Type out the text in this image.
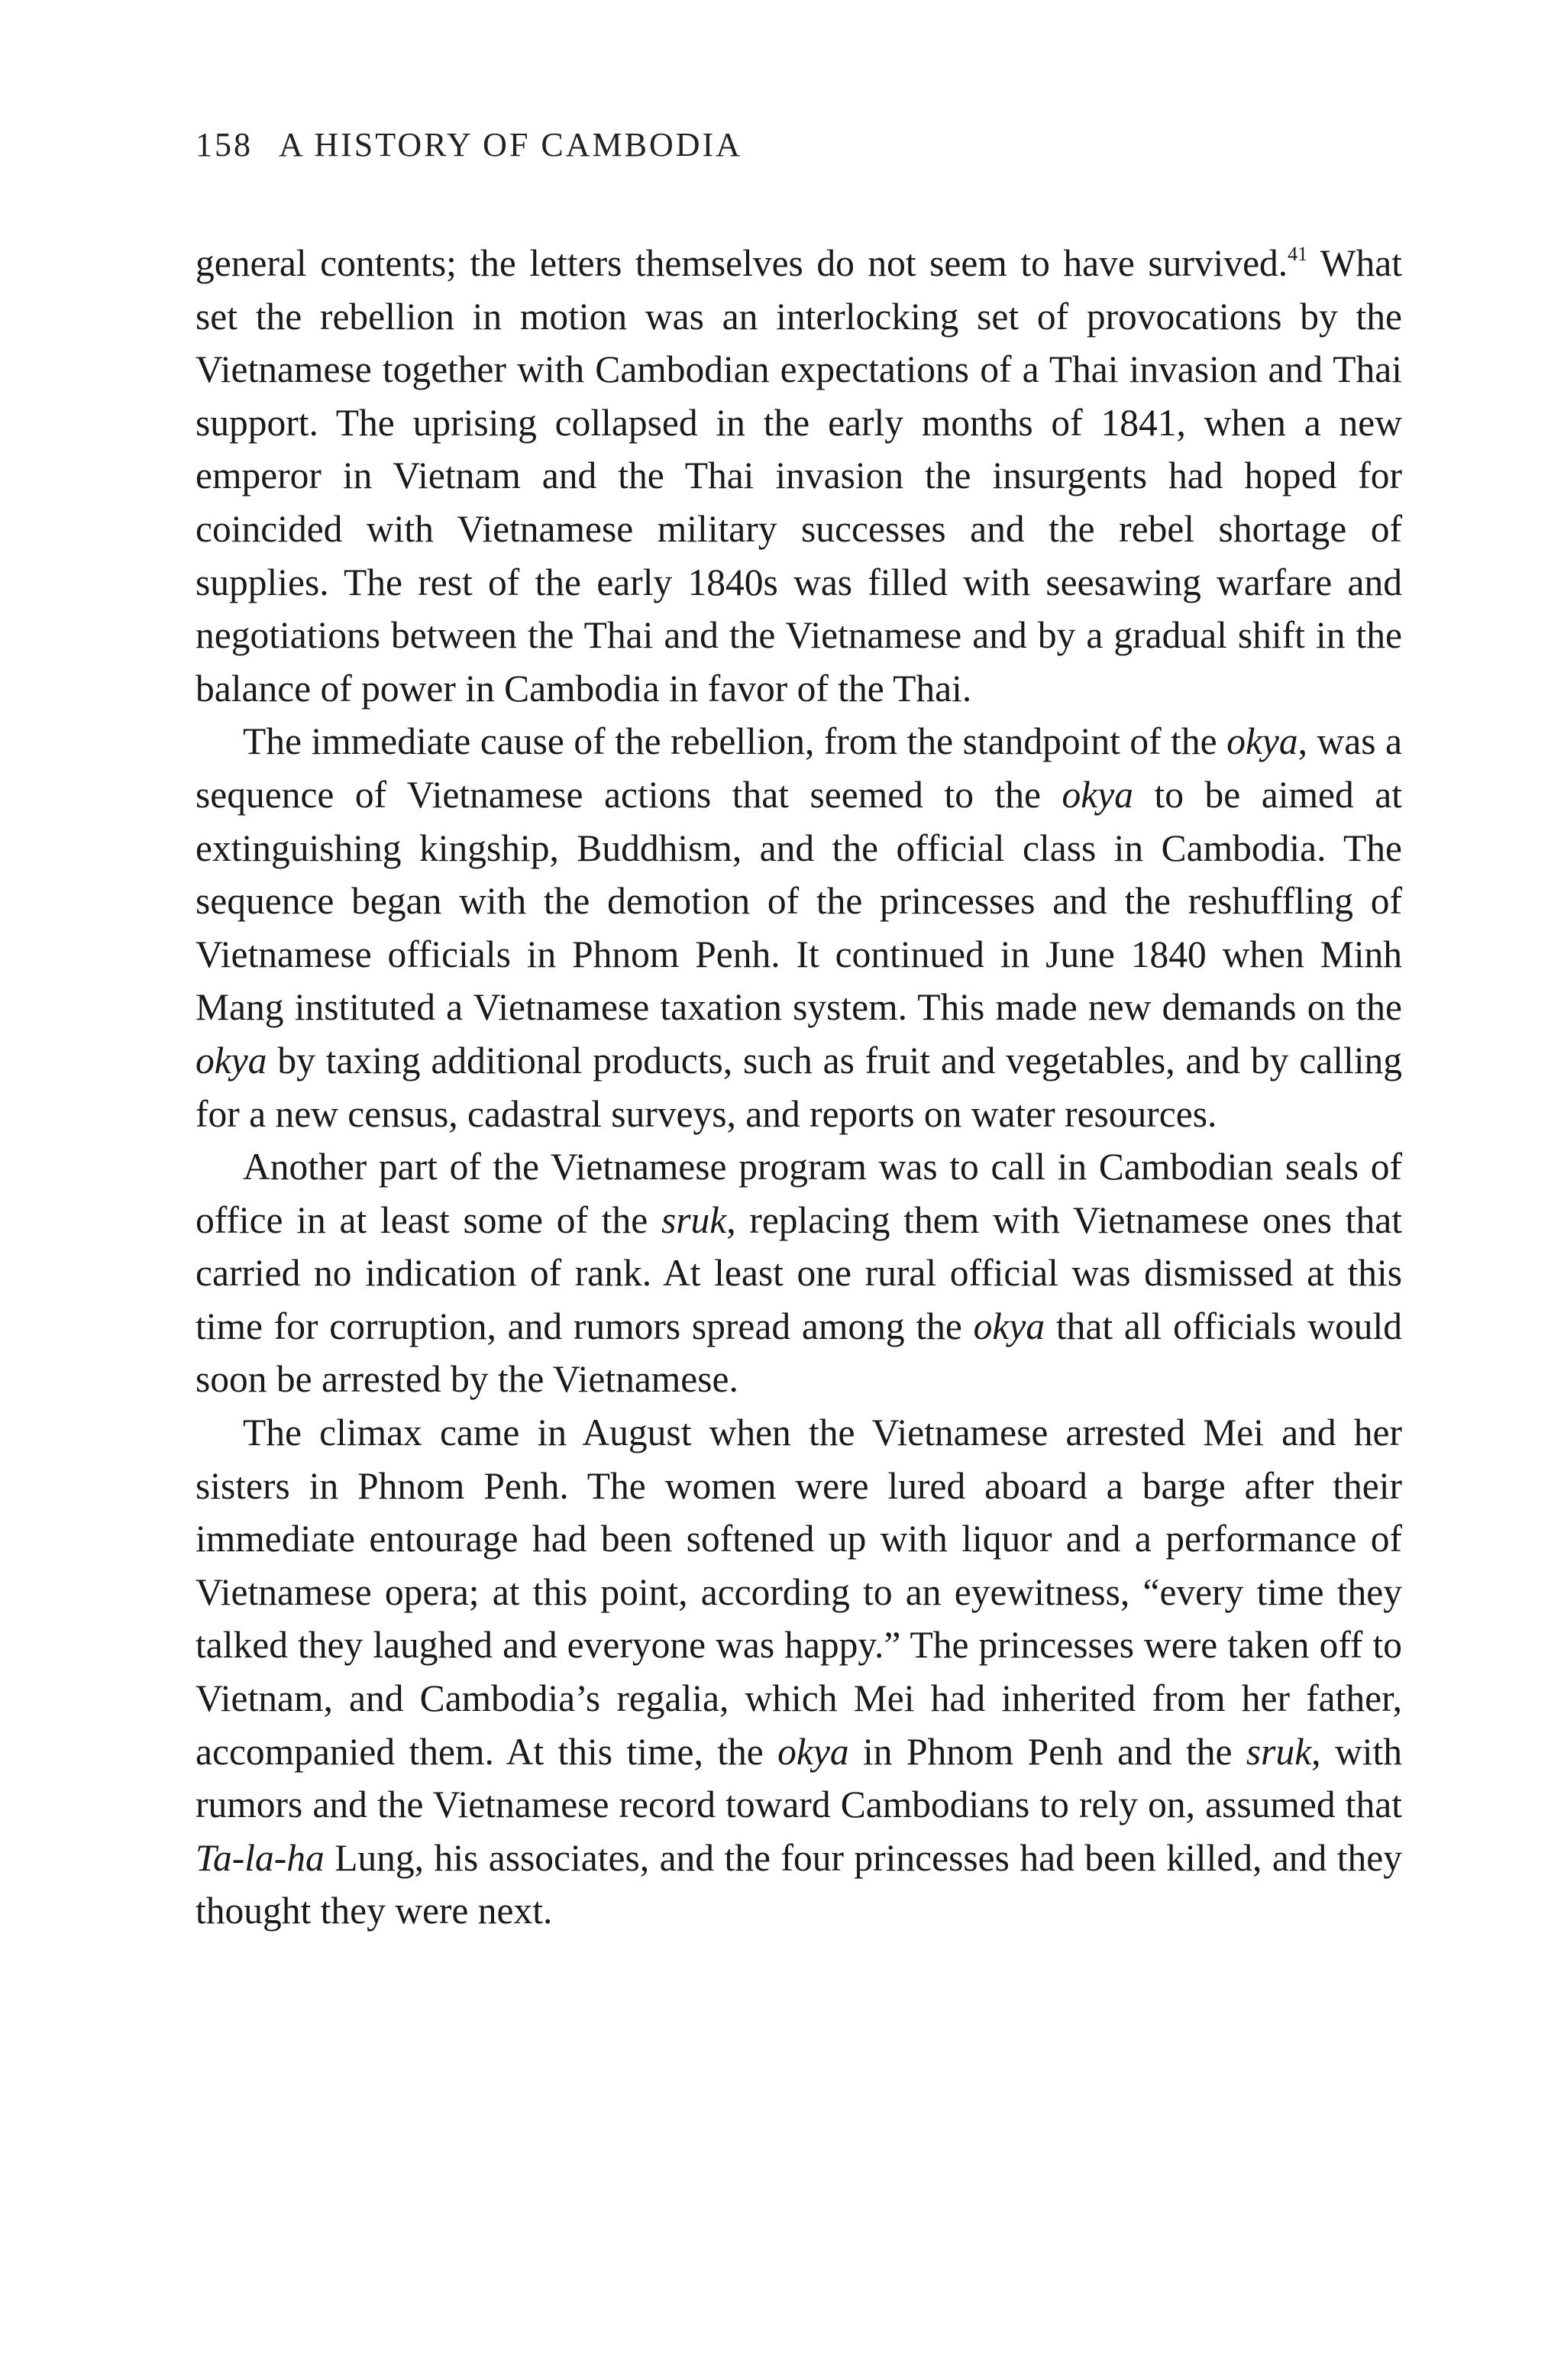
158 A HISTORY OF CAMBODIA

general contents; the letters themselves do not seem to have survived.$^{41}$ What set the rebellion in motion was an interlocking set of provocations by the Vietnamese together with Cambodian expectations of a Thai invasion and Thai support. The uprising collapsed in the early months of 1841, when a new emperor in Vietnam and the Thai invasion the insurgents had hoped for coincided with Vietnamese military successes and the rebel shortage of supplies. The rest of the early 1840s was filled with seesawing warfare and negotiations between the Thai and the Vietnamese and by a gradual shift in the balance of power in Cambodia in favor of the Thai.

The immediate cause of the rebellion, from the standpoint of the okya, was a sequence of Vietnamese actions that seemed to the okya to be aimed at extinguishing kingship, Buddhism, and the official class in Cambodia. The sequence began with the demotion of the princesses and the reshuffling of Vietnamese officials in Phnom Penh. It continued in June 1840 when Minh Mang instituted a Vietnamese taxation system. This made new demands on the okya by taxing additional products, such as fruit and vegetables, and by calling for a new census, cadastral surveys, and reports on water resources.

Another part of the Vietnamese program was to call in Cambodian seals of office in at least some of the sruk, replacing them with Vietnamese ones that carried no indication of rank. At least one rural official was dismissed at this time for corruption, and rumors spread among the okya that all officials would soon be arrested by the Vietnamese.

The climax came in August when the Vietnamese arrested Mei and her sisters in Phnom Penh. The women were lured aboard a barge after their immediate entourage had been softened up with liquor and a performance of Vietnamese opera; at this point, according to an eyewitness, “every time they talked they laughed and everyone was happy.” The princesses were taken off to Vietnam, and Cambodia’s regalia, which Mei had inherited from her father, accompanied them. At this time, the okya in Phnom Penh and the sruk, with rumors and the Vietnamese record toward Cambodians to rely on, assumed that Ta-la-ha Lung, his associates, and the four princesses had been killed, and they thought they were next.
